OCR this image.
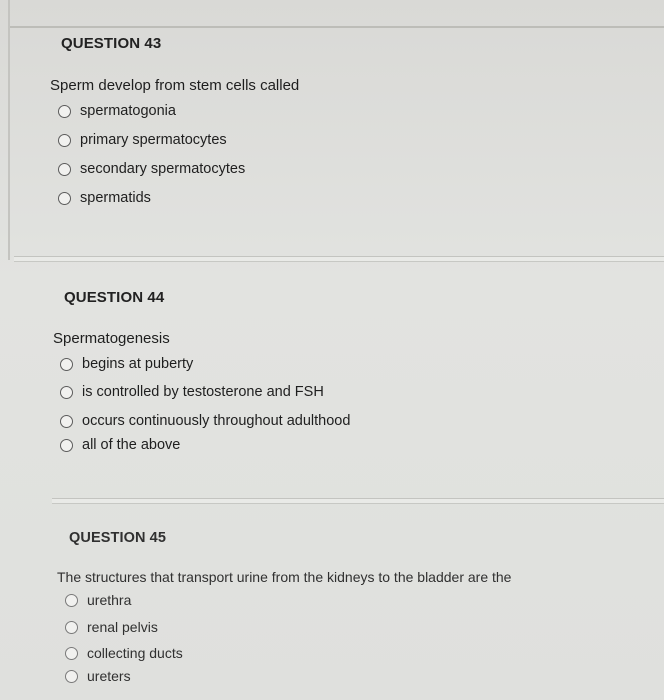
QUESTION 43
Sperm develop from stem cells called
spermatogonia
primary spermatocytes
secondary spermatocytes
spermatids
QUESTION 44
Spermatogenesis
begins at puberty
is controlled by testosterone and FSH
occurs continuously throughout adulthood
all of the above
QUESTION 45
The structures that transport urine from the kidneys to the bladder are the
urethra
renal pelvis
collecting ducts
ureters
